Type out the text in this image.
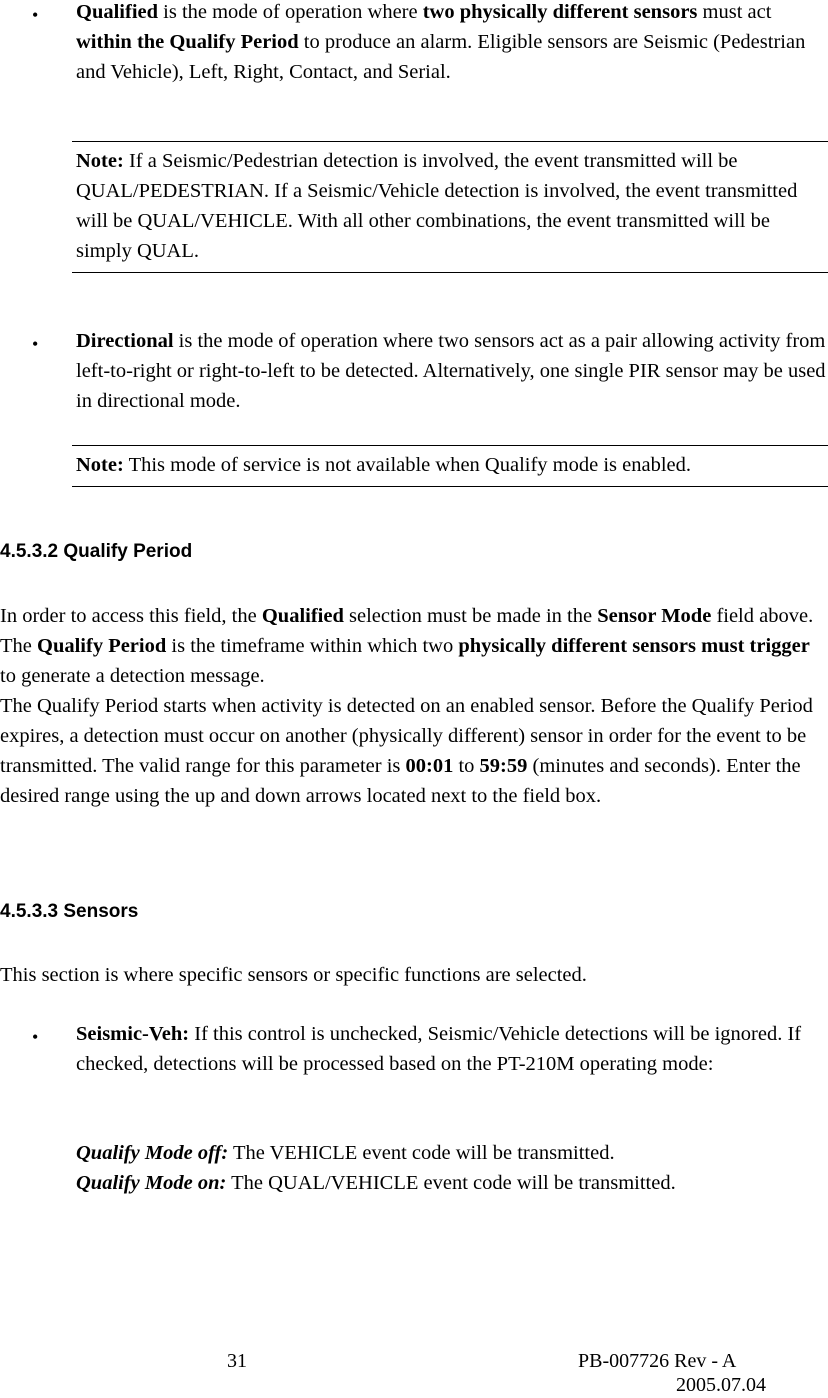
• Qualified is the mode of operation where two physically different sensors must act within the Qualify Period to produce an alarm. Eligible sensors are Seismic (Pedestrian and Vehicle), Left, Right, Contact, and Serial.
Note: If a Seismic/Pedestrian detection is involved, the event transmitted will be QUAL/PEDESTRIAN. If a Seismic/Vehicle detection is involved, the event transmitted will be QUAL/VEHICLE. With all other combinations, the event transmitted will be simply QUAL.
• Directional is the mode of operation where two sensors act as a pair allowing activity from left-to-right or right-to-left to be detected. Alternatively, one single PIR sensor may be used in directional mode.
Note: This mode of service is not available when Qualify mode is enabled.
4.5.3.2 Qualify Period
In order to access this field, the Qualified selection must be made in the Sensor Mode field above. The Qualify Period is the timeframe within which two physically different sensors must trigger to generate a detection message.
The Qualify Period starts when activity is detected on an enabled sensor. Before the Qualify Period expires, a detection must occur on another (physically different) sensor in order for the event to be transmitted. The valid range for this parameter is 00:01 to 59:59 (minutes and seconds). Enter the desired range using the up and down arrows located next to the field box.
4.5.3.3 Sensors
This section is where specific sensors or specific functions are selected.
• Seismic-Veh: If this control is unchecked, Seismic/Vehicle detections will be ignored. If checked, detections will be processed based on the PT-210M operating mode:
Qualify Mode off: The VEHICLE event code will be transmitted.
Qualify Mode on: The QUAL/VEHICLE event code will be transmitted.
31	PB-007726 Rev - A
2005.07.04
